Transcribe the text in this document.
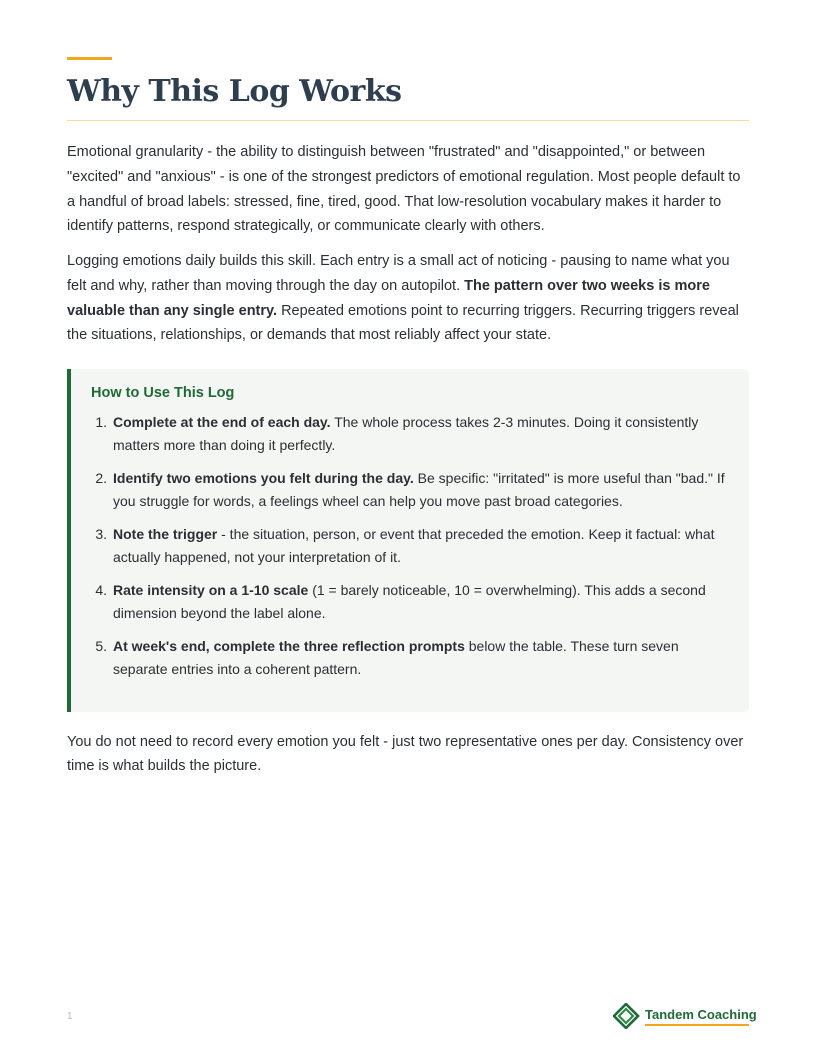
Why This Log Works

Emotional granularity - the ability to distinguish between "frustrated" and "disappointed," or between "excited" and "anxious" - is one of the strongest predictors of emotional regulation. Most people default to a handful of broad labels: stressed, fine, tired, good. That low-resolution vocabulary makes it harder to identify patterns, respond strategically, or communicate clearly with others.

Logging emotions daily builds this skill. Each entry is a small act of noticing - pausing to name what you felt and why, rather than moving through the day on autopilot. The pattern over two weeks is more valuable than any single entry. Repeated emotions point to recurring triggers. Recurring triggers reveal the situations, relationships, or demands that most reliably affect your state.

How to Use This Log
1. Complete at the end of each day. The whole process takes 2-3 minutes. Doing it consistently matters more than doing it perfectly.
2. Identify two emotions you felt during the day. Be specific: "irritated" is more useful than "bad." If you struggle for words, a feelings wheel can help you move past broad categories.
3. Note the trigger - the situation, person, or event that preceded the emotion. Keep it factual: what actually happened, not your interpretation of it.
4. Rate intensity on a 1-10 scale (1 = barely noticeable, 10 = overwhelming). This adds a second dimension beyond the label alone.
5. At week's end, complete the three reflection prompts below the table. These turn seven separate entries into a coherent pattern.

You do not need to record every emotion you felt - just two representative ones per day. Consistency over time is what builds the picture.

1	Tandem Coaching
